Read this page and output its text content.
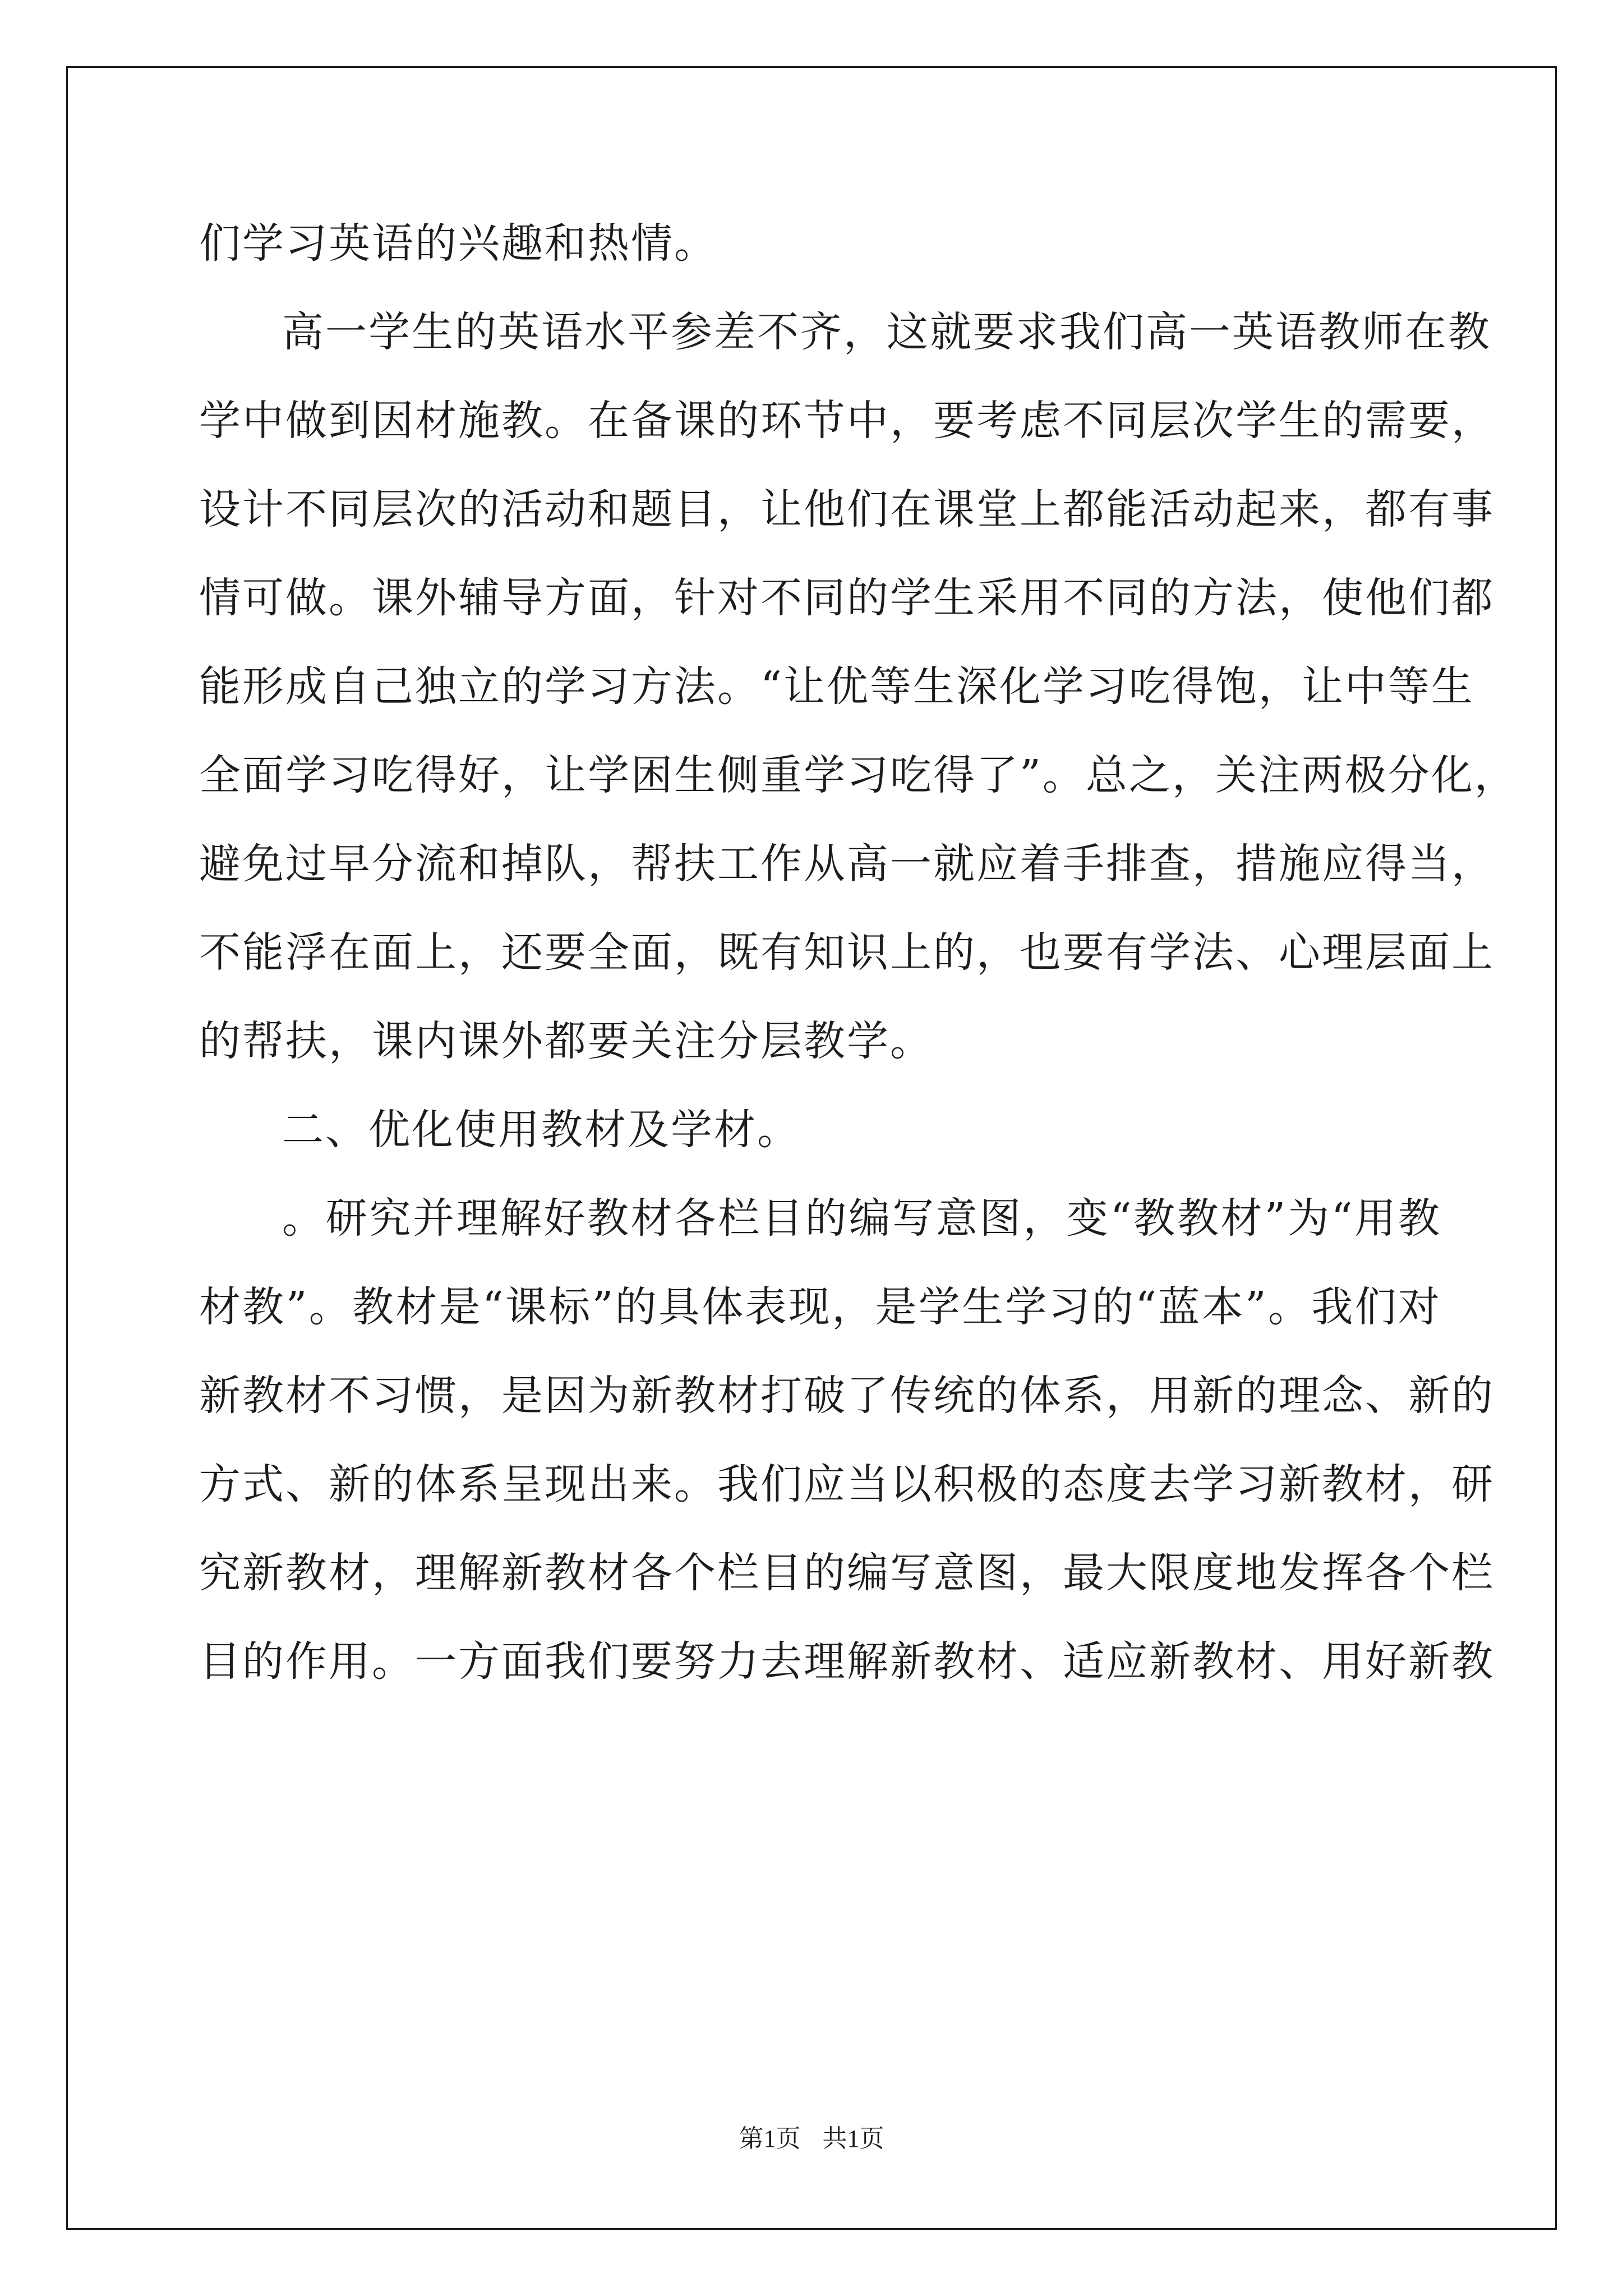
们学习英语的兴趣和热情。
高一学生的英语水平参差不齐，这就要求我们高一英语教师在教
学中做到因材施教。在备课的环节中，要考虑不同层次学生的需要，
设计不同层次的活动和题目，让他们在课堂上都能活动起来，都有事
情可做。课外辅导方面，针对不同的学生采用不同的方法，使他们都
能形成自己独立的学习方法。“让优等生深化学习吃得饱，让中等生
全面学习吃得好，让学困生侧重学习吃得了”。总之，关注两极分化，
避免过早分流和掉队，帮扶工作从高一就应着手排查，措施应得当，
不能浮在面上，还要全面，既有知识上的，也要有学法、心理层面上
的帮扶，课内课外都要关注分层教学。
二、优化使用教材及学材。
。研究并理解好教材各栏目的编写意图，变“教教材”为“用教
材教”。教材是“课标”的具体表现，是学生学习的“蓝本”。我们对
新教材不习惯，是因为新教材打破了传统的体系，用新的理念、新的
方式、新的体系呈现出来。我们应当以积极的态度去学习新教材，研
究新教材，理解新教材各个栏目的编写意图，最大限度地发挥各个栏
目的作用。一方面我们要努力去理解新教材、适应新教材、用好新教
第1页 共1页
